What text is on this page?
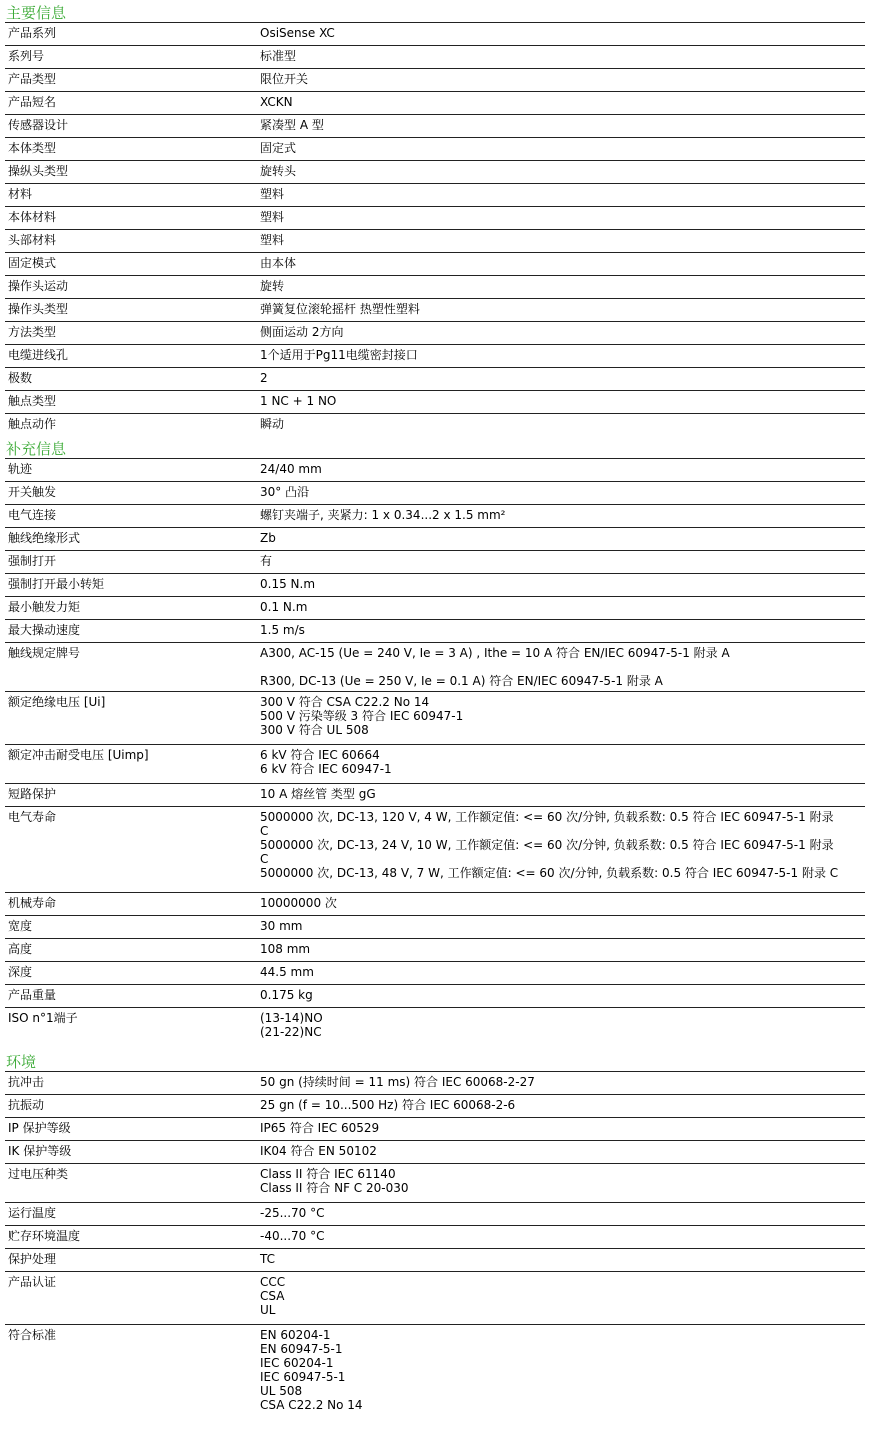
主要信息
产品系列	OsiSense XC
系列号	标准型
产品类型	限位开关
产品短名	XCKN
传感器设计	紧凑型 A 型
本体类型	固定式
操纵头类型	旋转头
材料	塑料
本体材料	塑料
头部材料	塑料
固定模式	由本体
操作头运动	旋转
操作头类型	弹簧复位滚轮摇杆 热塑性塑料
方法类型	侧面运动 2方向
电缆进线孔	1个适用于Pg11电缆密封接口
极数	2
触点类型	1 NC + 1 NO
触点动作	瞬动
补充信息
轨迹	24/40 mm
开关触发	30° 凸沿
电气连接	螺钉夹端子, 夹紧力: 1 x 0.34...2 x 1.5 mm²
触线绝缘形式	Zb
强制打开	有
强制打开最小转矩	0.15 N.m
最小触发力矩	0.1 N.m
最大操动速度	1.5 m/s
触线规定牌号	A300, AC-15 (Ue = 240 V, Ie = 3 A) , Ithe = 10 A 符合 EN/IEC 60947-5-1 附录 A
R300, DC-13 (Ue = 250 V, Ie = 0.1 A) 符合 EN/IEC 60947-5-1 附录 A
额定绝缘电压 [Ui]	300 V 符合 CSA C22.2 No 14
500 V 污染等级 3 符合 IEC 60947-1
300 V 符合 UL 508
额定冲击耐受电压 [Uimp]	6 kV 符合 IEC 60664
6 kV 符合 IEC 60947-1
短路保护	10 A 熔丝管 类型 gG
电气寿命	5000000 次, DC-13, 120 V, 4 W, 工作额定值: <= 60 次/分钟, 负载系数: 0.5 符合 IEC 60947-5-1 附录
C
5000000 次, DC-13, 24 V, 10 W, 工作额定值: <= 60 次/分钟, 负载系数: 0.5 符合 IEC 60947-5-1 附录
C
5000000 次, DC-13, 48 V, 7 W, 工作额定值: <= 60 次/分钟, 负载系数: 0.5 符合 IEC 60947-5-1 附录 C
机械寿命	10000000 次
宽度	30 mm
高度	108 mm
深度	44.5 mm
产品重量	0.175 kg
ISO n°1端子	(13-14)NO
(21-22)NC
环境
抗冲击	50 gn (持续时间 = 11 ms) 符合 IEC 60068-2-27
抗振动	25 gn (f = 10...500 Hz) 符合 IEC 60068-2-6
IP 保护等级	IP65 符合 IEC 60529
IK 保护等级	IK04 符合 EN 50102
过电压种类	Class II 符合 IEC 61140
Class II 符合 NF C 20-030
运行温度	-25...70 °C
贮存环境温度	-40...70 °C
保护处理	TC
产品认证	CCC
CSA
UL
符合标准	EN 60204-1
EN 60947-5-1
IEC 60204-1
IEC 60947-5-1
UL 508
CSA C22.2 No 14
